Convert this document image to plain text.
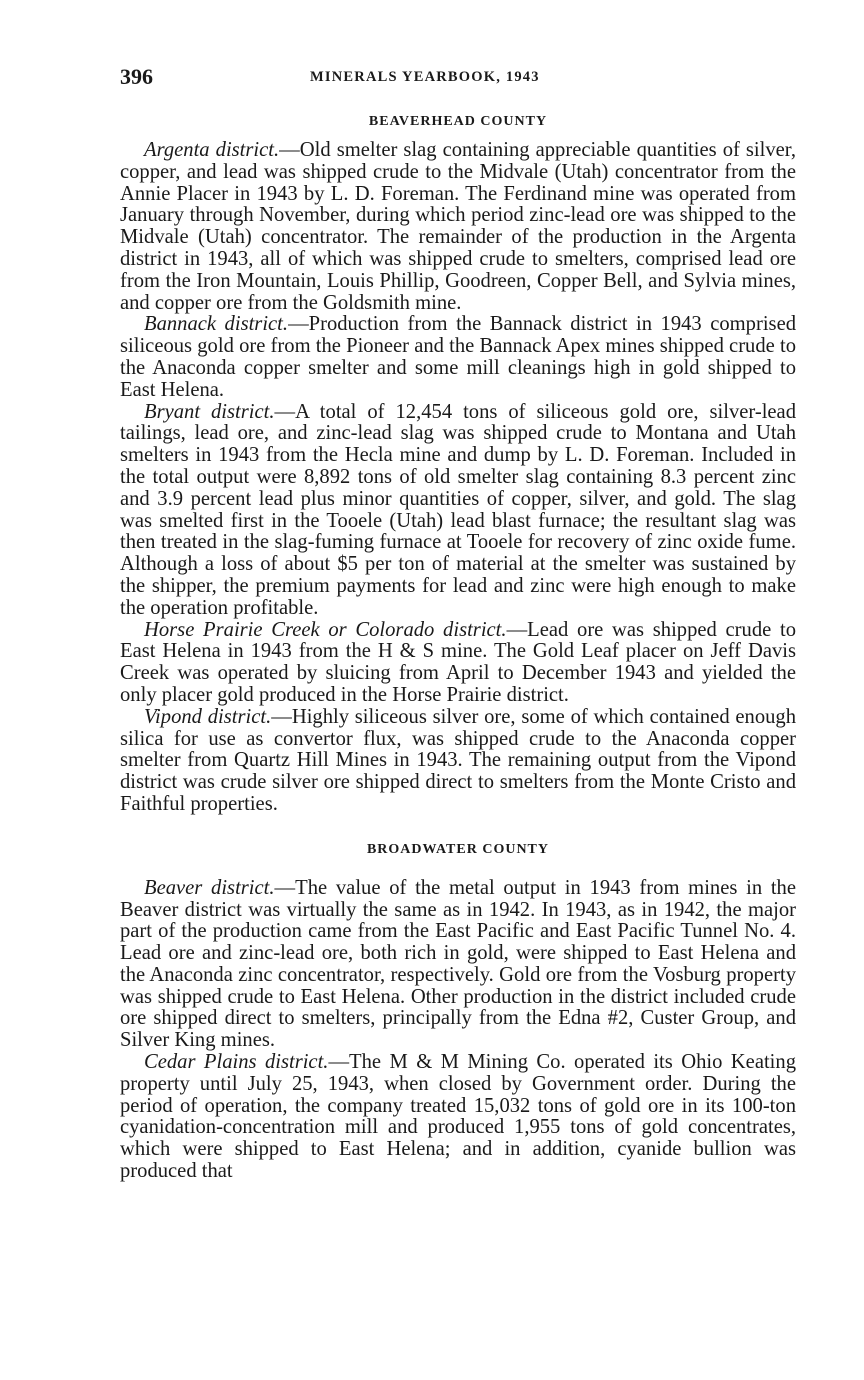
396	MINERALS YEARBOOK, 1943
BEAVERHEAD COUNTY

Argenta district.—Old smelter slag containing appreciable quantities of silver, copper, and lead was shipped crude to the Midvale (Utah) concentrator from the Annie Placer in 1943 by L. D. Foreman. The Ferdinand mine was operated from January through November, during which period zinc-lead ore was shipped to the Midvale (Utah) concentrator. The remainder of the production in the Argenta district in 1943, all of which was shipped crude to smelters, comprised lead ore from the Iron Mountain, Louis Phillip, Goodreen, Copper Bell, and Sylvia mines, and copper ore from the Goldsmith mine.

Bannack district.—Production from the Bannack district in 1943 comprised siliceous gold ore from the Pioneer and the Bannack Apex mines shipped crude to the Anaconda copper smelter and some mill cleanings high in gold shipped to East Helena.

Bryant district.—A total of 12,454 tons of siliceous gold ore, silver-lead tailings, lead ore, and zinc-lead slag was shipped crude to Montana and Utah smelters in 1943 from the Hecla mine and dump by L. D. Foreman. Included in the total output were 8,892 tons of old smelter slag containing 8.3 percent zinc and 3.9 percent lead plus minor quantities of copper, silver, and gold. The slag was smelted first in the Tooele (Utah) lead blast furnace; the resultant slag was then treated in the slag-fuming furnace at Tooele for recovery of zinc oxide fume. Although a loss of about $5 per ton of material at the smelter was sustained by the shipper, the premium payments for lead and zinc were high enough to make the operation profitable.

Horse Prairie Creek or Colorado district.—Lead ore was shipped crude to East Helena in 1943 from the H & S mine. The Gold Leaf placer on Jeff Davis Creek was operated by sluicing from April to December 1943 and yielded the only placer gold produced in the Horse Prairie district.

Vipond district.—Highly siliceous silver ore, some of which contained enough silica for use as convertor flux, was shipped crude to the Anaconda copper smelter from Quartz Hill Mines in 1943. The remaining output from the Vipond district was crude silver ore shipped direct to smelters from the Monte Cristo and Faithful properties.

BROADWATER COUNTY

Beaver district.—The value of the metal output in 1943 from mines in the Beaver district was virtually the same as in 1942. In 1943, as in 1942, the major part of the production came from the East Pacific and East Pacific Tunnel No. 4. Lead ore and zinc-lead ore, both rich in gold, were shipped to East Helena and the Anaconda zinc concentrator, respectively. Gold ore from the Vosburg property was shipped crude to East Helena. Other production in the district included crude ore shipped direct to smelters, principally from the Edna #2, Custer Group, and Silver King mines.

Cedar Plains district.—The M & M Mining Co. operated its Ohio Keating property until July 25, 1943, when closed by Government order. During the period of operation, the company treated 15,032 tons of gold ore in its 100-ton cyanidation-concentration mill and produced 1,955 tons of gold concentrates, which were shipped to East Helena; and in addition, cyanide bullion was produced that
